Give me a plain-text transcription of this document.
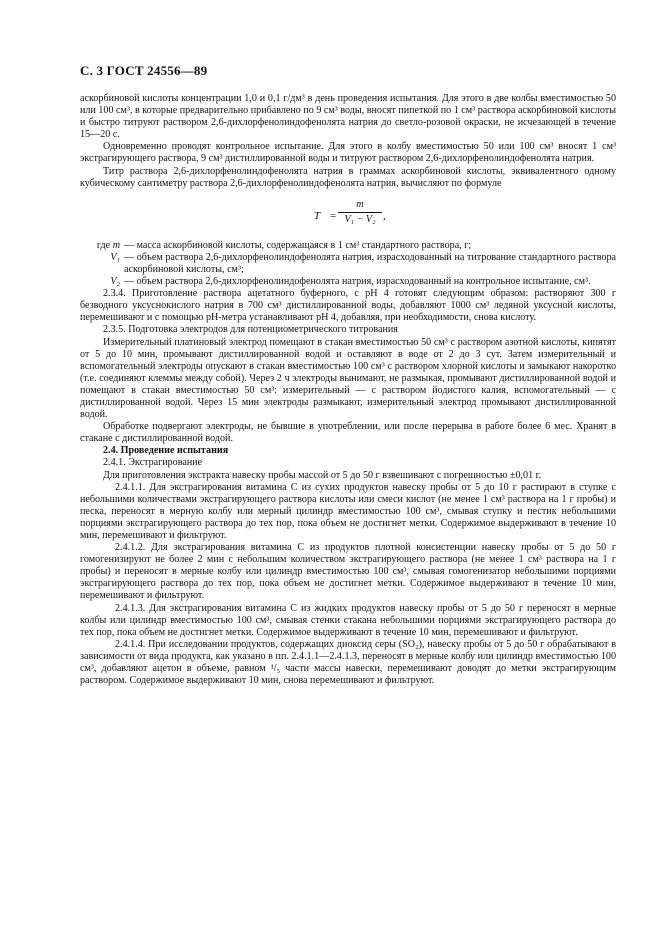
С. 3 ГОСТ 24556—89

аскорбиновой кислоты концентрации 1,0 и 0,1 г/дм³ в день проведения испытания. Для этого в две колбы вместимостью 50 или 100 см³, в которые предварительно прибавлено по 9 см³ воды, вносят пипеткой по 1 см³ раствора аскорбиновой кислоты и быстро титруют раствором 2,6-дихлорфенолиндофенолята натрия до светло-розовой окраски, не исчезающей в течение 15—20 с.

Одновременно проводят контрольное испытание. Для этого в колбу вместимостью 50 или 100 см³ вносят 1 см³ экстрагирующего раствора, 9 см³ дистиллированной воды и титруют раствором 2,6-дихлорфенолиндофенолята натрия.

Титр раствора 2,6-дихлорфенолиндофенолята натрия в граммах аскорбиновой кислоты, эквивалентного одному кубическому сантиметру раствора 2,6-дихлорфенолиндофенолята натрия, вычисляют по формуле

$T = \frac{m}{\text{V₁ − V₂}}$ ,
где m — масса аскорбиновой кислоты, содержащаяся в 1 см³ стандартного раствора, г;
V₁ — объем раствора 2,6-дихлорфенолиндофенолята натрия, израсходованный на титрование стандартного раствора аскорбиновой кислоты, см³;
V₂ — объем раствора 2,6-дихлорфенолиндофенолята натрия, израсходованный на контрольное испытание, см³.

2.3.4. Приготовление раствора ацетатного буферного, с pH 4 готовят следующим образом: растворяют 300 г безводного уксуснокислого натрия в 700 см³ дистиллированной воды, добавляют 1000 см³ ледяной уксусной кислоты, перемешивают и с помощью pH-метра устанавливают pH 4, добавляя, при необходимости, снова кислоту.

2.3.5. Подготовка электродов для потенциометрического титрования

Измерительный платиновый электрод помещают в стакан вместимостью 50 см³ с раствором азотной кислоты, кипятят от 5 до 10 мин, промывают дистиллированной водой и оставляют в воде от 2 до 3 сут. Затем измерительный и вспомогательный электроды опускают в стакан вместимостью 100 см³ с раствором хлорной кислоты и замыкают накоротко (т.е. соединяют клеммы между собой). Через 2 ч электроды вынимают, не размыкая, промывают дистиллированной водой и помещают в стакан вместимостью 50 см³: измерительный — с раствором йодистого калия, вспомогательный — с дистиллированной водой. Через 15 мин электроды размыкают, измерительный электрод промывают дистиллированной водой.

Обработке подвергают электроды, не бывшие в употреблении, или после перерыва в работе более 6 мес. Хранят в стакане с дистиллированной водой.

2.4. Проведение испытания

2.4.1. Экстрагирование

Для приготовления экстракта навеску пробы массой от 5 до 50 г взвешивают с погрешностью ±0,01 г.

2.4.1.1. Для экстрагирования витамина С из сухих продуктов навеску пробы от 5 до 10 г растирают в ступке с небольшими количествами экстрагирующего раствора кислоты или смеси кислот (не менее 1 см³ раствора на 1 г пробы) и песка, переносят в мерную колбу или мерный цилиндр вместимостью 100 см³, смывая ступку и пестик небольшими порциями экстрагирующего раствора до тех пор, пока объем не достигнет метки. Содержимое выдерживают в течение 10 мин, перемешивают и фильтруют.

2.4.1.2. Для экстрагирования витамина С из продуктов плотной консистенции навеску пробы от 5 до 50 г гомогенизируют не более 2 мин с небольшим количеством экстрагирующего раствора (не менее 1 см³ раствора на 1 г пробы) и переносят в мерные колбу или цилиндр вместимостью 100 см³, смывая гомогенизатор небольшими порциями экстрагирующего раствора до тех пор, пока объем не достигнет метки. Содержимое выдерживают в течение 10 мин, перемешивают и фильтруют.

2.4.1.3. Для экстрагирования витамина С из жидких продуктов навеску пробы от 5 до 50 г переносят в мерные колбы или цилиндр вместимостью 100 см³, смывая стенки стакана небольшими порциями экстрагирующего раствора до тех пор, пока объем не достигнет метки. Содержимое выдерживают в течение 10 мин, перемешивают и фильтруют.

2.4.1.4. При исследовании продуктов, содержащих диоксид серы (SO₂), навеску пробы от 5 до 50 г обрабатывают в зависимости от вида продукта, как указано в пп. 2.4.1.1—2.4.1.3, переносят в мерные колбу или цилиндр вместимостью 100 см³, добавляют ацетон в объеме, равном ¹/₅ части массы навески, перемешивают доводят до метки экстрагирующим раствором. Содержимое выдерживают 10 мин, снова перемешивают и фильтруют.
